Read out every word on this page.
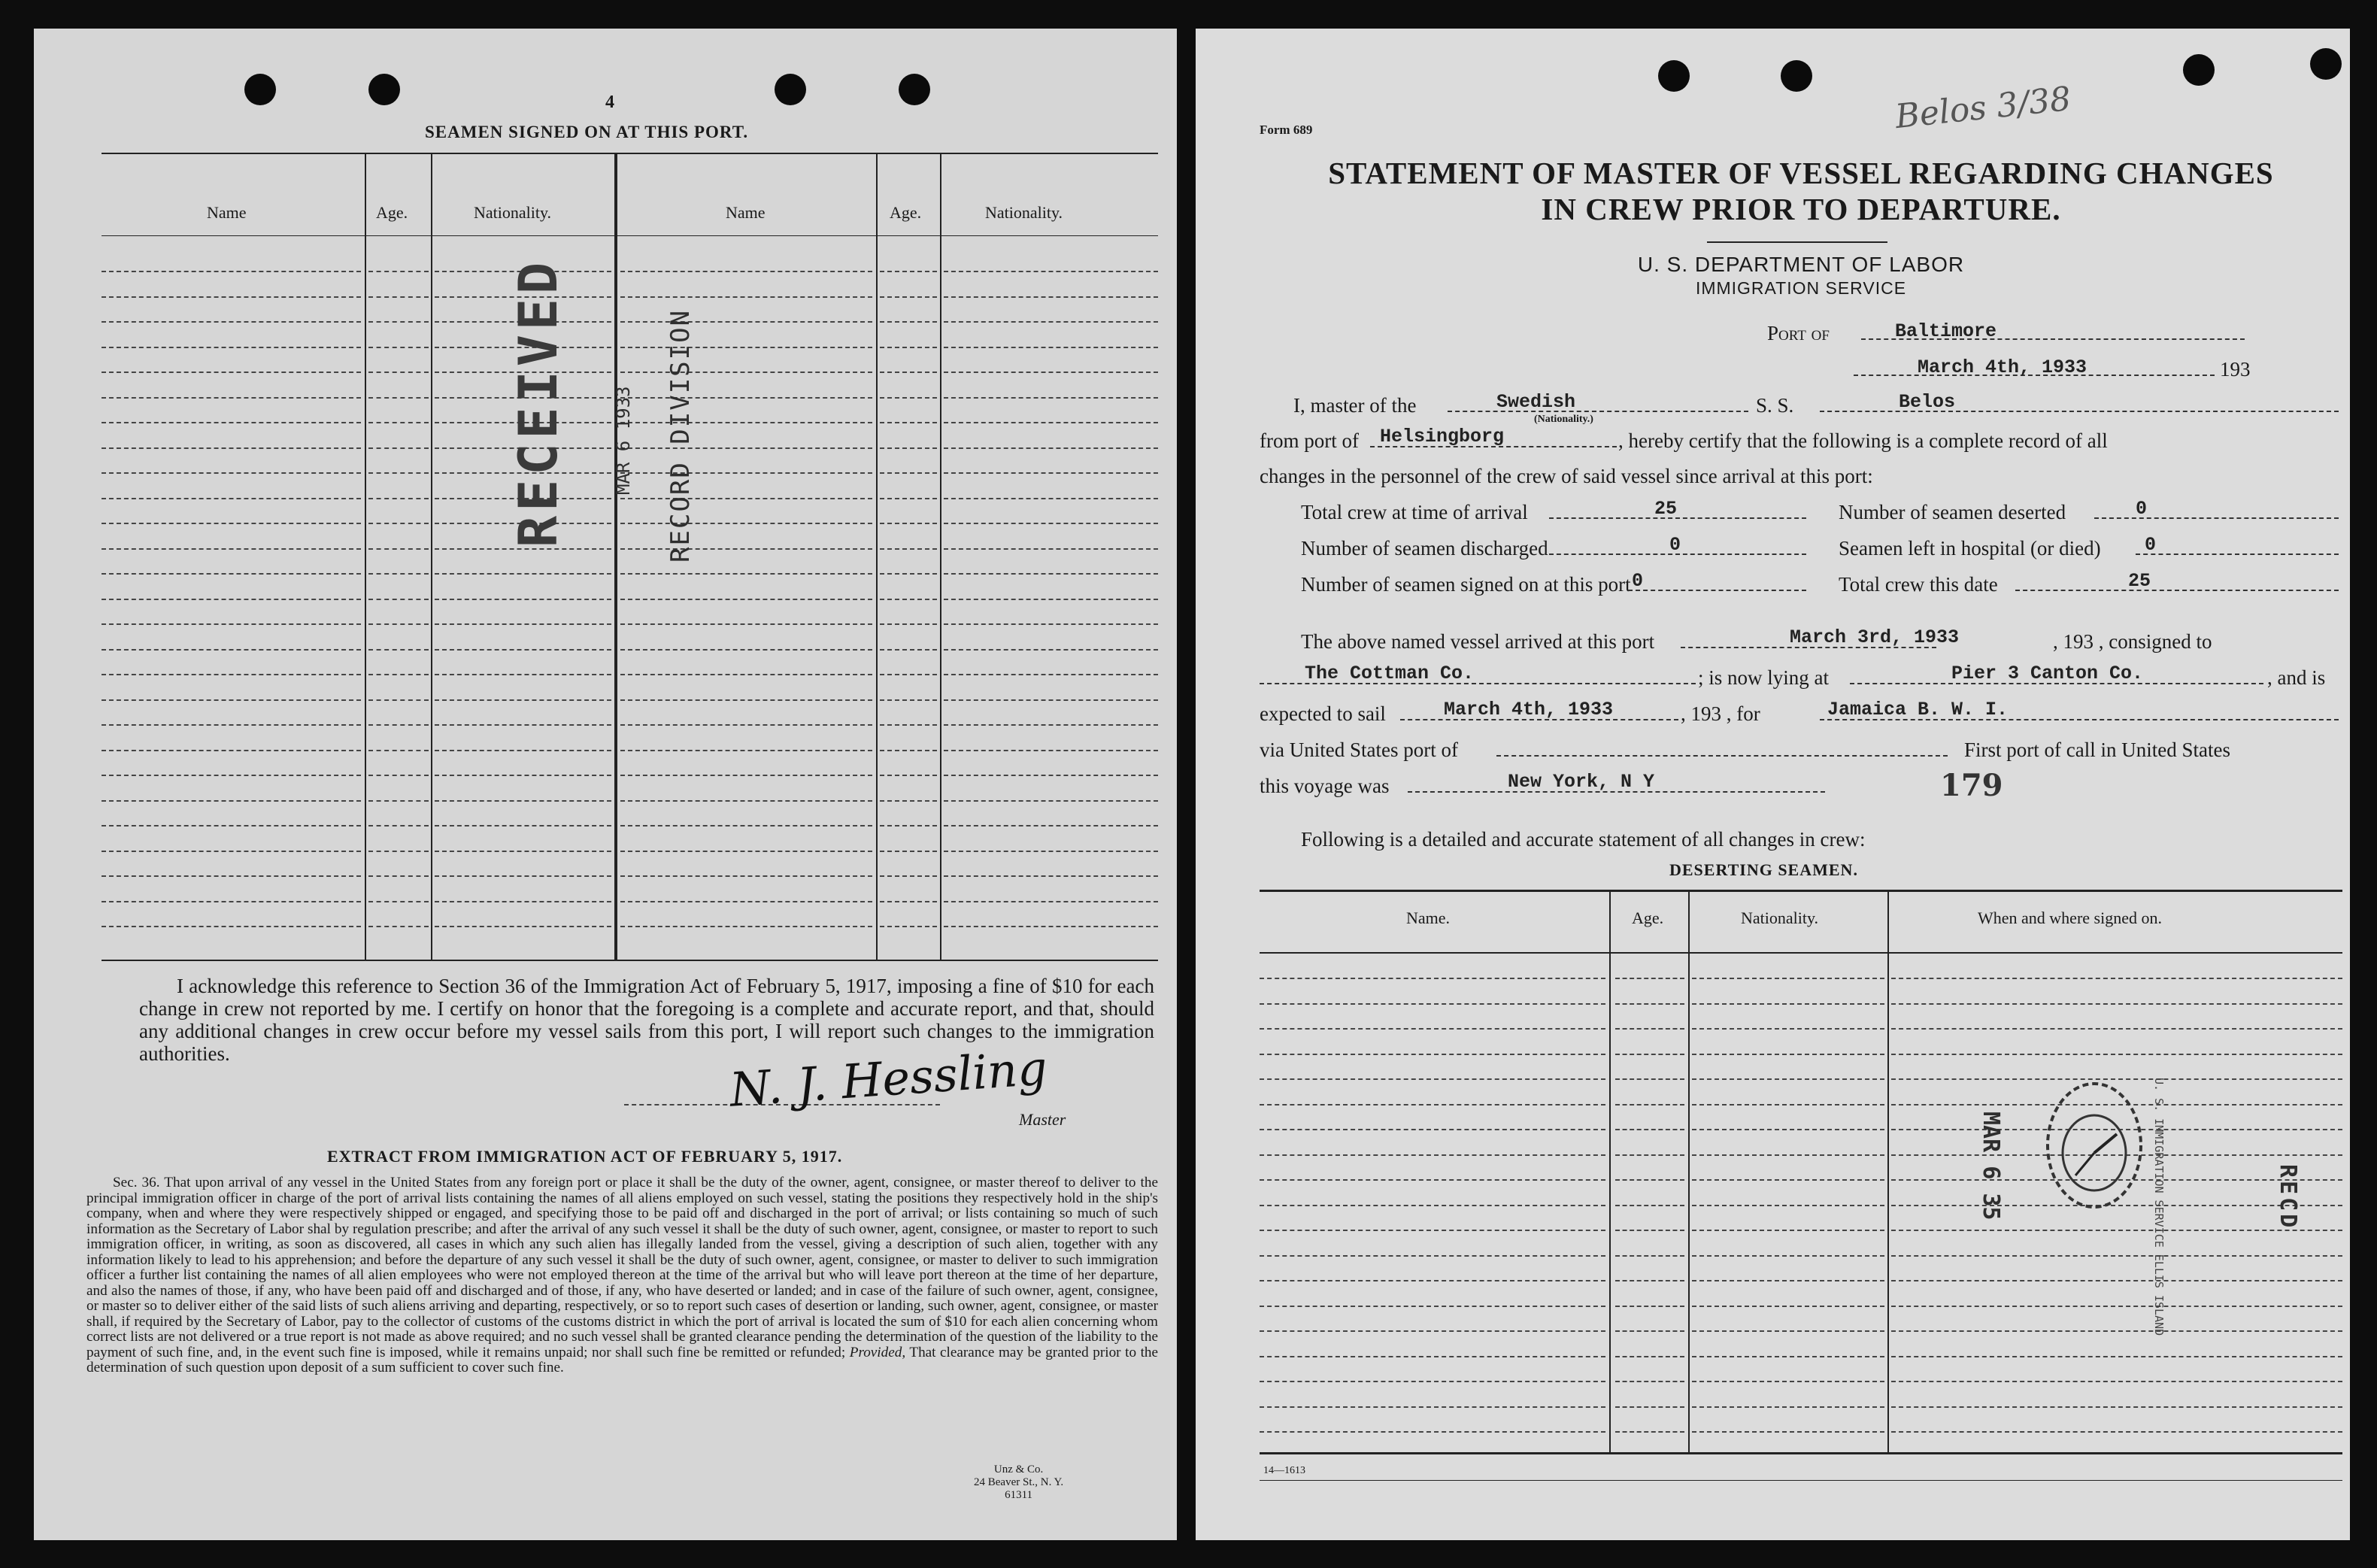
4
SEAMEN SIGNED ON AT THIS PORT.
Name	Age.	Nationality.	Name	Age.	Nationality.
RECEIVED MAR 6 1933 RECORD DIVISION
I acknowledge this reference to Section 36 of the Immigration Act of February 5, 1917, imposing a fine of $10 for each change in crew not reported by me. I certify on honor that the foregoing is a complete and accurate report, and that, should any additional changes in crew occur before my vessel sails from this port, I will report such changes to the immigration authorities.	N. J. Hessling
Master
EXTRACT FROM IMMIGRATION ACT OF FEBRUARY 5, 1917.
Sec. 36. That upon arrival of any vessel in the United States from any foreign port or place it shall be the duty of the owner, agent, consignee, or master thereof to deliver to the principal immigration officer in charge of the port of arrival lists containing the names of all aliens employed on such vessel, stating the positions they respectively hold in the ship's company, when and where they were respectively shipped or engaged, and specifying those to be paid off and discharged in the port of arrival; or lists containing so much of such information as the Secretary of Labor shal by regulation prescribe; and after the arrival of any such vessel it shall be the duty of such owner, agent, consignee, or master to report to such immigration officer, in writing, as soon as discovered, all cases in which any such alien has illegally landed from the vessel, giving a description of such alien, together with any information likely to lead to his apprehension; and before the departure of any such vessel it shall be the duty of such owner, agent, consignee, or master to deliver to such immigration officer a further list containing the names of all alien employees who were not employed thereon at the time of the arrival but who will leave port thereon at the time of her departure, and also the names of those, if any, who have been paid off and discharged and of those, if any, who have deserted or landed; and in case of the failure of such owner, agent, consignee, or master so to deliver either of the said lists of such aliens arriving and departing, respectively, or so to report such cases of desertion or landing, such owner, agent, consignee, or master shall, if required by the Secretary of Labor, pay to the collector of customs of the customs district in which the port of arrival is located the sum of $10 for each alien concerning whom correct lists are not delivered or a true report is not made as above required; and no such vessel shall be granted clearance pending the determination of the question of the liability to the payment of such fine, and, in the event such fine is imposed, while it remains unpaid; nor shall such fine be remitted or refunded; Provided, That clearance may be granted prior to the determination of such question upon deposit of a sum sufficient to cover such fine.
Unz & Co.
24 Beaver St., N. Y.
61311
Form 689	Belos 3/38
STATEMENT OF MASTER OF VESSEL REGARDING CHANGES
IN CREW PRIOR TO DEPARTURE.
U. S. DEPARTMENT OF LABOR
IMMIGRATION SERVICE
Port of	Baltimore
March 4th, 1933	193
I, master of the	Swedish
(Nationality.)
S. S.	Belos
from port of Helsingborg	, hereby certify that the following is a complete record of all
changes in the personnel of the crew of said vessel since arrival at this port:
Total crew at time of arrival	25	Number of seamen deserted	0
Number of seamen discharged	0	Seamen left in hospital (or died) 0
Number of seamen signed on at this port 0	Total crew this date	25
The above named vessel arrived at this port	March 3rd, 1933	, 193 , consigned to
The Cottman Co.	; is now lying at	Pier 3 Canton Co.	, and is
expected to sail	March 4th, 1933	, 193 , for	Jamaica B. W. I.
via United States port of	First port of call in United States
this voyage was	New York, N Y	179
Following is a detailed and accurate statement of all changes in crew:
DESERTING SEAMEN.
Name.	Age.	Nationality.	When and where signed on.
MAR 6 35	RECD
U. S. IMMIGRATION SERVICE ELLIS ISLAND
14—1613
